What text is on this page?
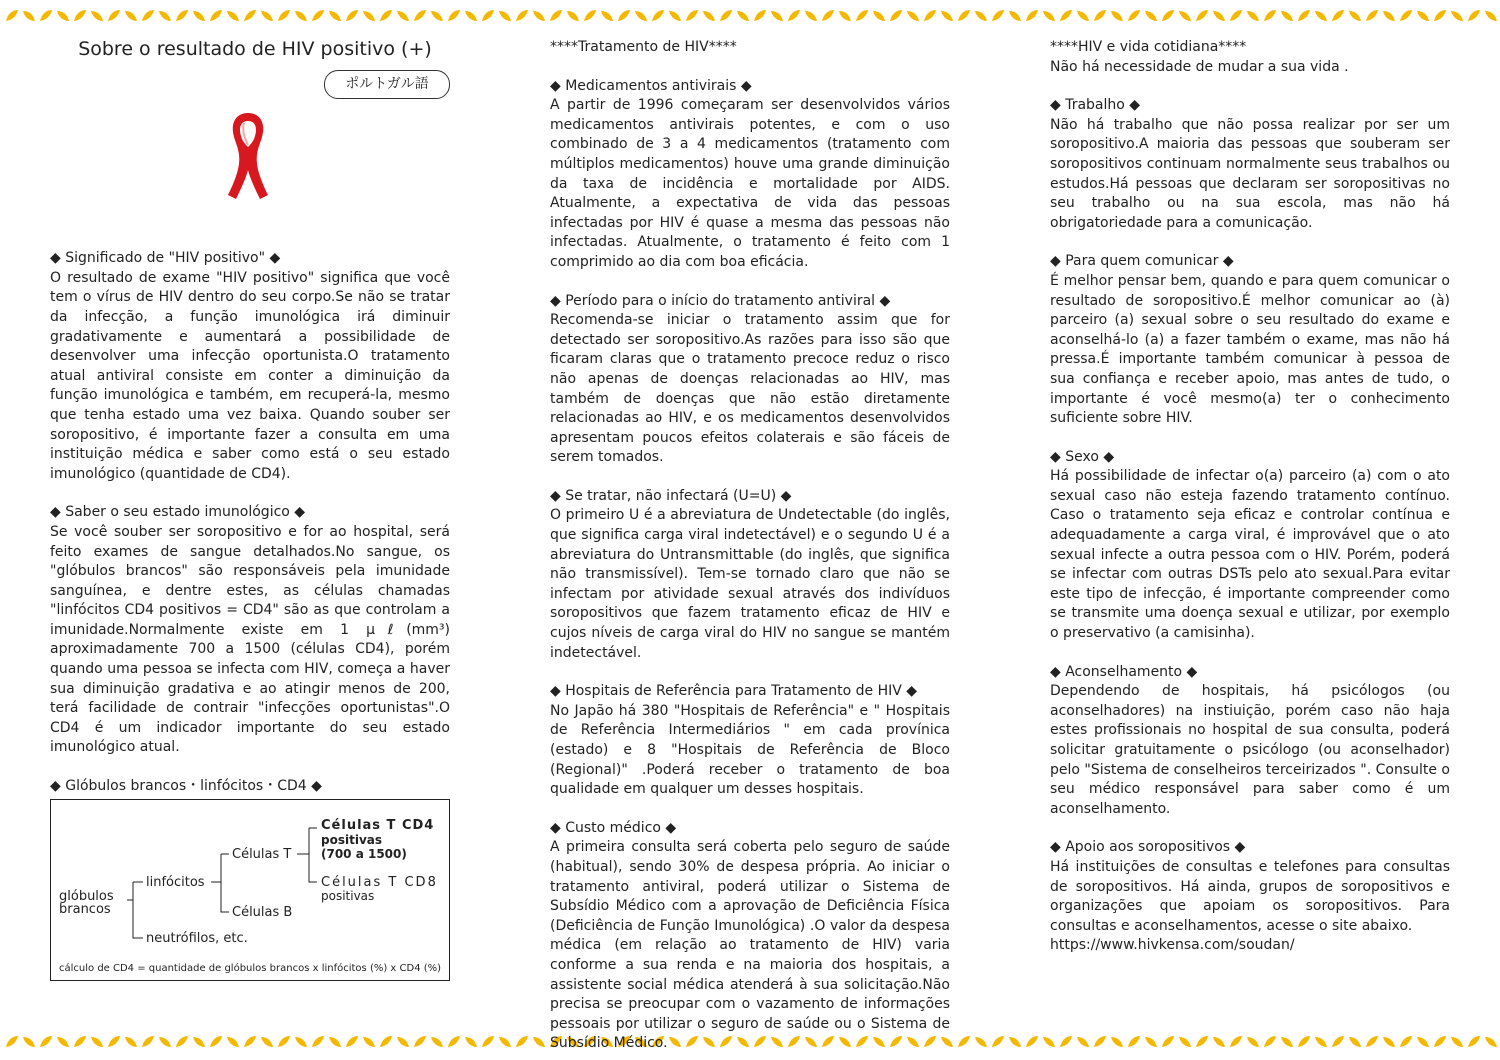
Sobre o resultado de HIV positivo (+)
ポルトガル語
◆ Significado de "HIV positivo" ◆
O resultado de exame "HIV positivo" significa que você tem o vírus de HIV dentro do seu corpo.Se não se tratar da infecção, a função imunológica irá diminuir gradativamente e aumentará a possibilidade de desenvolver uma infecção oportunista.O tratamento atual antiviral consiste em conter a diminuição da função imunológica e também, em recuperá-la, mesmo que tenha estado uma vez baixa. Quando souber ser soropositivo, é importante fazer a consulta em uma instituição médica e saber como está o seu estado imunológico (quantidade de CD4).
◆ Saber o seu estado imunológico ◆
Se você souber ser soropositivo e for ao hospital, será feito exames de sangue detalhados.No sangue, os "glóbulos brancos" são responsáveis pela imunidade sanguínea, e dentre estes, as células chamadas "linfócitos CD4 positivos = CD4" são as que controlam a imunidade.Normalmente existe em 1 μℓ(mm³) aproximadamente 700 a 1500 (células CD4), porém quando uma pessoa se infecta com HIV, começa a haver sua diminuição gradativa e ao atingir menos de 200, terá facilidade de contrair "infecções oportunistas".O CD4 é um indicador importante do seu estado imunológico atual.
◆ Glóbulos brancos・linfócitos・CD4 ◆
glóbulos
brancos
linfócitos
neutrófilos, etc.
Células T
Células B
Células T CD4
positivas
(700 a 1500)
Células T CD8
positivas
cálculo de CD4 = quantidade de glóbulos brancos x linfócitos (%) x CD4 (%)
****Tratamento de HIV****
◆ Medicamentos antivirais ◆
A partir de 1996 começaram ser desenvolvidos vários medicamentos antivirais potentes, e com o uso combinado de 3 a 4 medicamentos (tratamento com múltiplos medicamentos) houve uma grande diminuição da taxa de incidência e mortalidade por AIDS. Atualmente, a expectativa de vida das pessoas infectadas por HIV é quase a mesma das pessoas não infectadas. Atualmente, o tratamento é feito com 1 comprimido ao dia com boa eficácia.
◆ Período para o início do tratamento antiviral ◆
Recomenda-se iniciar o tratamento assim que for detectado ser soropositivo.As razões para isso são que ficaram claras que o tratamento precoce reduz o risco não apenas de doenças relacionadas ao HIV, mas também de doenças que não estão diretamente relacionadas ao HIV, e os medicamentos desenvolvidos apresentam poucos efeitos colaterais e são fáceis de serem tomados.
◆ Se tratar, não infectará (U=U) ◆
O primeiro U é a abreviatura de Undetectable (do inglês, que significa carga viral indetectável) e o segundo U é a abreviatura do Untransmittable (do inglês, que significa não transmissível). Tem-se tornado claro que não se infectam por atividade sexual através dos indivíduos soropositivos que fazem tratamento eficaz de HIV e cujos níveis de carga viral do HIV no sangue se mantém indetectável.
◆ Hospitais de Referência para Tratamento de HIV ◆
No Japão há 380 "Hospitais de Referência" e " Hospitais de Referência Intermediários " em cada provínica (estado) e 8 "Hospitais de Referência de Bloco (Regional)" .Poderá receber o tratamento de boa qualidade em qualquer um desses hospitais.
◆ Custo médico ◆
A primeira consulta será coberta pelo seguro de saúde (habitual), sendo 30% de despesa própria. Ao iniciar o tratamento antiviral, poderá utilizar o Sistema de Subsídio Médico com a aprovação de Deficiência Física (Deficiência de Função Imunológica) .O valor da despesa médica (em relação ao tratamento de HIV) varia conforme a sua renda e na maioria dos hospitais, a assistente social médica atenderá à sua solicitação.Não precisa se preocupar com o vazamento de informações pessoais por utilizar o seguro de saúde ou o Sistema de Subsídio Médico.
****HIV e vida cotidiana****
Não há necessidade de mudar a sua vida .
◆ Trabalho ◆
Não há trabalho que não possa realizar por ser um soropositivo.A maioria das pessoas que souberam ser soropositivos continuam normalmente seus trabalhos ou estudos.Há pessoas que declaram ser soropositivas no seu trabalho ou na sua escola, mas não há obrigatoriedade para a comunicação.
◆ Para quem comunicar ◆
É melhor pensar bem, quando e para quem comunicar o resultado de soropositivo.É melhor comunicar ao (à) parceiro (a) sexual sobre o seu resultado do exame e aconselhá-lo (a) a fazer também o exame, mas não há pressa.É importante também comunicar à pessoa de sua confiança e receber apoio, mas antes de tudo, o importante é você mesmo(a) ter o conhecimento suficiente sobre HIV.
◆ Sexo ◆
Há possibilidade de infectar o(a) parceiro (a) com o ato sexual caso não esteja fazendo tratamento contínuo. Caso o tratamento seja eficaz e controlar contínua e adequadamente a carga viral, é improvável que o ato sexual infecte a outra pessoa com o HIV. Porém, poderá se infectar com outras DSTs pelo ato sexual.Para evitar este tipo de infecção, é importante compreender como se transmite uma doença sexual e utilizar, por exemplo o preservativo (a camisinha).
◆ Aconselhamento ◆
Dependendo de hospitais, há psicólogos (ou aconselhadores) na instiuição, porém caso não haja estes profissionais no hospital de sua consulta, poderá solicitar gratuitamente o psicólogo (ou aconselhador) pelo "Sistema de conselheiros terceirizados ". Consulte o seu médico responsável para saber como é um aconselhamento.
◆ Apoio aos soropositivos ◆
Há instituições de consultas e telefones para consultas de soropositivos. Há ainda, grupos de soropositivos e organizações que apoiam os soropositivos. Para consultas e aconselhamentos, acesse o site abaixo.
https://www.hivkensa.com/soudan/
